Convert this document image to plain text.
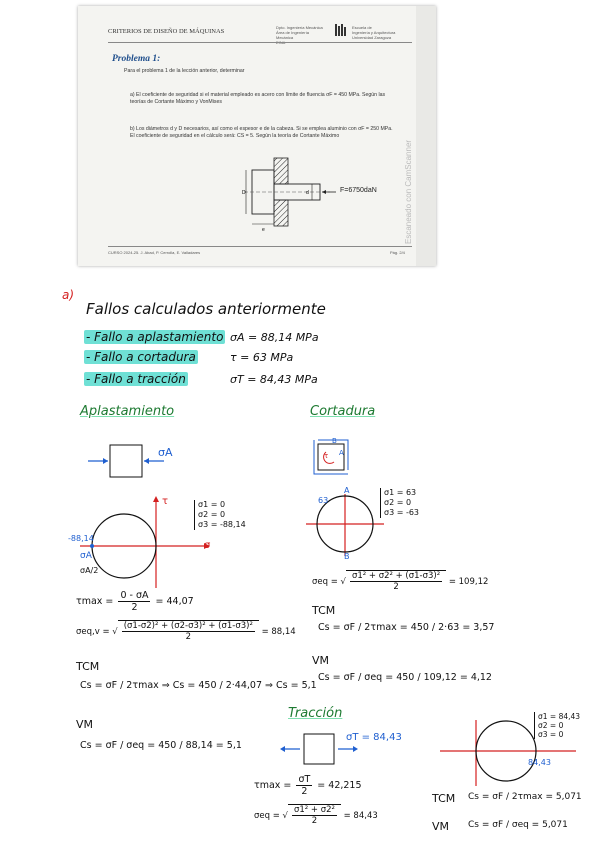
CRITERIOS DE DISEÑO DE MÁQUINAS
Dpto. Ingeniería Mecánica
Área de Ingeniería Mecánica
EINA
Escuela de
Ingeniería y Arquitectura
Universidad Zaragoza
Problema 1:
Para el problema 1 de la lección anterior, determinar
a) El coeficiente de seguridad si el material empleado es acero con límite de fluencia σF = 450 MPa. Según las teorías de Cortante Máximo y VonMises
b) Los diámetros d y D necesarios, así como el espesor e de la cabeza. Si se emplea aluminio con σF = 250 MPa. El coeficiente de seguridad en el cálculo será: CS = 5. Según la teoría de Cortante Máximo
F=6750daN
D	d
e
CURSO 2024-25. J. Abad, P. Cerrolla, E. Valladares	Pág. 2/4
Escaneado con CamScanner
a)
Fallos calculados anteriormente
- Fallo a aplastamiento σA = 88,14 MPa
- Fallo a cortadura	τ = 63 MPa
- Fallo a tracción	σT = 84,43 MPa
Aplastamiento
σA
τ
σ
σ1 = 0
σ2 = 0
σ3 = -88,14
-88,14
σA
σA/2
$\tau\max = \frac{0 - \sigma A}{2} = 44,07$
σeq,v = √ $\frac{\text{(σ1-σ2)² + (σ2-σ3)² + (σ1-σ3)²}}{2} = 88,14$
TCM
Cs = σF / 2τmax ⇒ Cs = 450 / 2·44,07 ⇒ Cs = 5,1
VM
Cs = σF / σeq = 450 / 88,14 = 5,1
Cortadura
B
A
τ
A
B
63
σ1 = 63
σ2 = 0
σ3 = -63
σeq = √ $\frac{\text{σ1² + σ2² + (σ1-σ3)²}}{2} = 109,12$
TCM
Cs = σF / 2τmax = 450 / 2·63 = 3,57
VM
Cs = σF / σeq = 450 / 109,12 = 4,12
Tracción
σT = 84,43
$\tau\max = \frac{\sigma T}{2} = 42,215$
σeq = √ $\frac{\text{σ1² + σ2²}}{2} = 84,43$
σ1 = 84,43
σ2 = 0
σ3 = 0
84,43
TCM Cs = σF / 2τmax = 5,071
VM Cs = σF / σeq = 5,071
